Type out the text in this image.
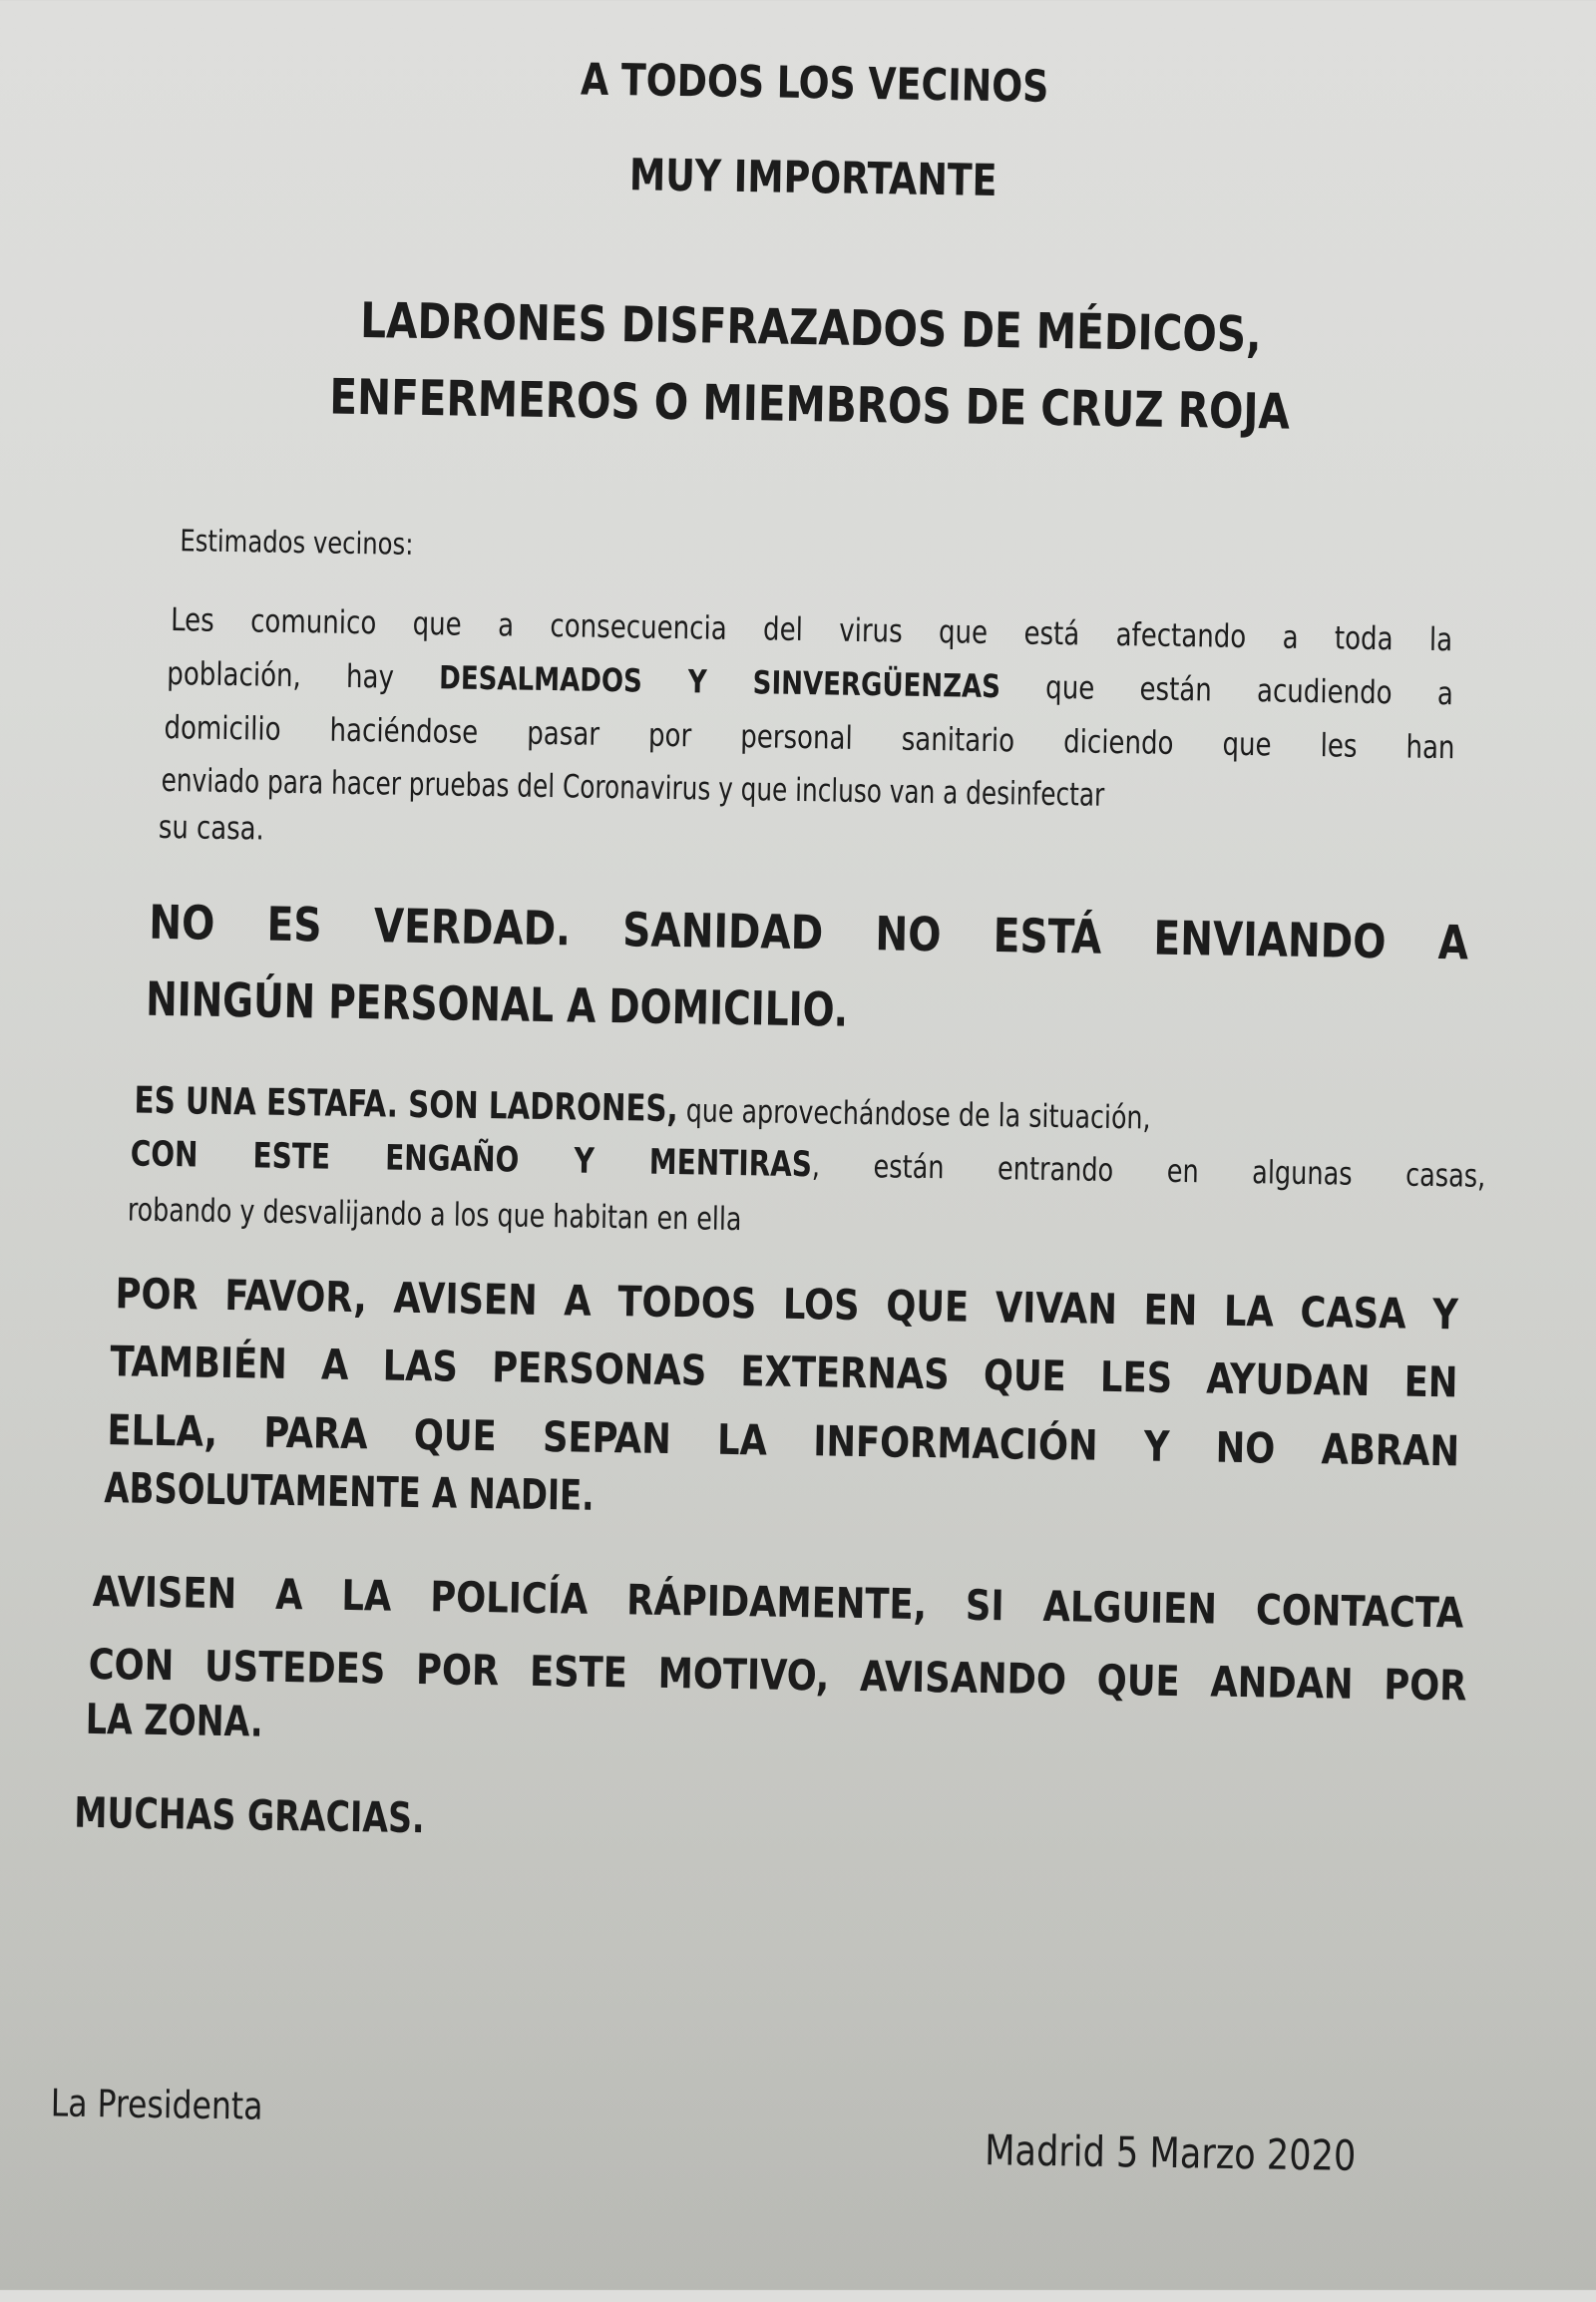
A TODOS LOS VECINOS
MUY IMPORTANTE
LADRONES DISFRAZADOS DE MÉDICOS,
ENFERMEROS O MIEMBROS DE CRUZ ROJA
Estimados vecinos:
Les comunico que a consecuencia del virus que está afectando a toda la
población, hay DESALMADOS Y SINVERGÜENZAS que están acudiendo a
domicilio haciéndose pasar por personal sanitario diciendo que les han
enviado para hacer pruebas del Coronavirus y que incluso van a desinfectar
su casa.
NO ES VERDAD. SANIDAD NO ESTÁ ENVIANDO A
NINGÚN PERSONAL A DOMICILIO.
ES UNA ESTAFA. SON LADRONES, que aprovechándose de la situación,
CON ESTE ENGAÑO Y MENTIRAS, están entrando en algunas casas,
robando y desvalijando a los que habitan en ella
POR FAVOR, AVISEN A TODOS LOS QUE VIVAN EN LA CASA Y
TAMBIÉN A LAS PERSONAS EXTERNAS QUE LES AYUDAN EN
ELLA, PARA QUE SEPAN LA INFORMACIÓN Y NO ABRAN
ABSOLUTAMENTE A NADIE.
AVISEN A LA POLICÍA RÁPIDAMENTE, SI ALGUIEN CONTACTA
CON USTEDES POR ESTE MOTIVO, AVISANDO QUE ANDAN POR
LA ZONA.
MUCHAS GRACIAS.
La Presidenta
Madrid 5 Marzo 2020
